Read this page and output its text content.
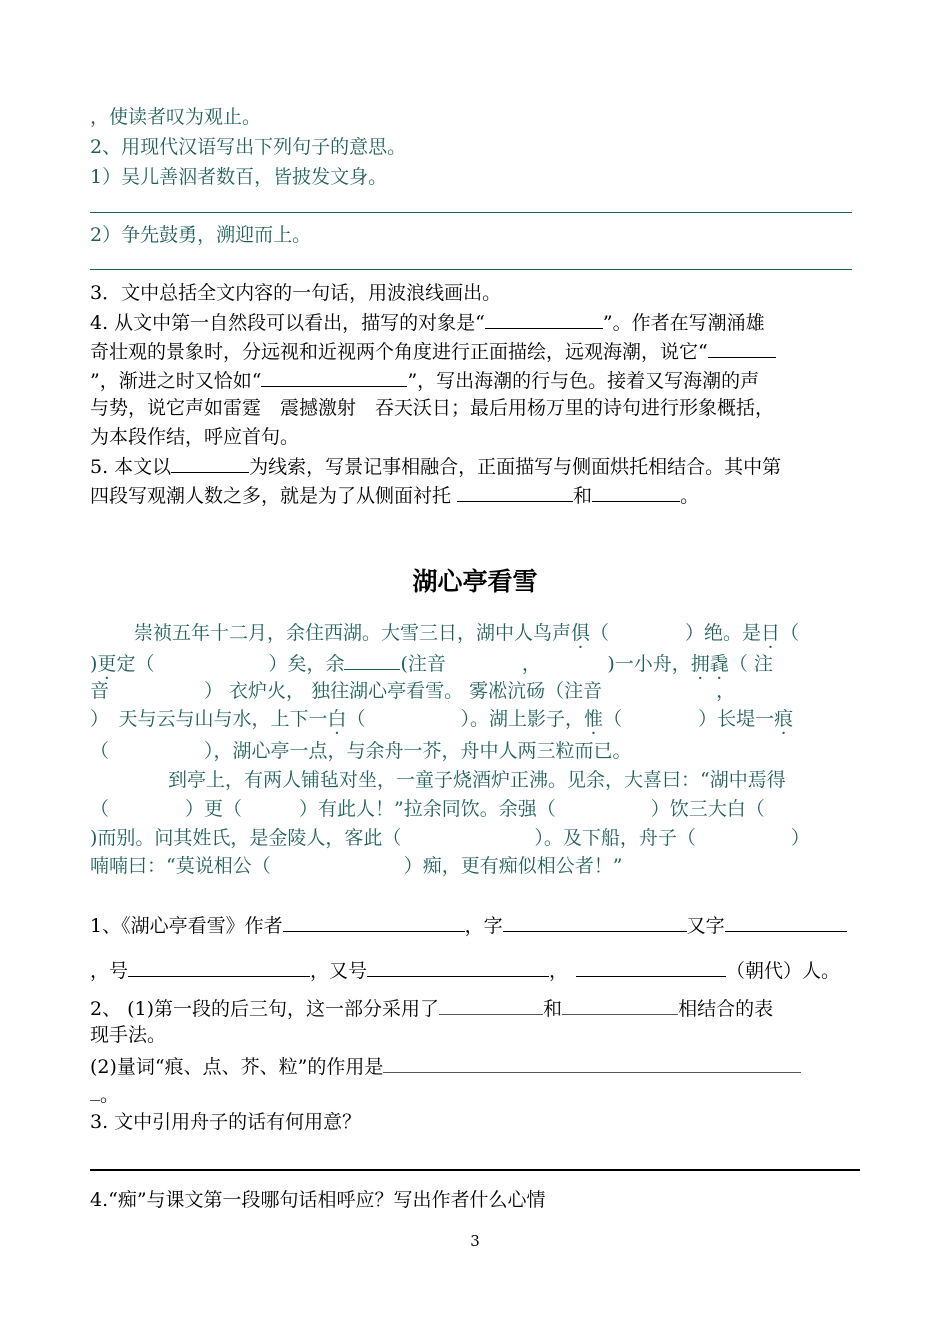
，使读者叹为观止。
2、用现代汉语写出下列句子的意思。
1）吴儿善泅者数百，皆披发文身。
2）争先鼓勇，溯迎而上。
3．文中总括全文内容的一句话，用波浪线画出。
4. 从文中第一自然段可以看出，描写的对象是“	”。作者在写潮涌雄
奇壮观的景象时，分远视和近视两个角度进行正面描绘，远观海潮，说它“
”，渐进之时又恰如“	”，写出海潮的行与色。接着又写海潮的声
与势，说它声如雷霆　震撼激射　吞天沃日；最后用杨万里的诗句进行形象概括，
为本段作结，呼应首句。
5. 本文以	为线索，写景记事相融合，正面描写与侧面烘托相结合。其中第
四段写观潮人数之多，就是为了从侧面衬托	和	。
湖心亭看雪
崇祯五年十二月，余住西湖。大雪三日，湖中人鸟声俱（　　　　）绝。是日（
)更定（　　　　　　）矣，余	(注音　　　　，　　　　)一小舟，拥毳（ 注
音　　　　　） 衣炉火， 独往湖心亭看雪。 雾凇沆砀（注音　　　　　　，
）　天与云与山与水，上下一白（　　　　　）。湖上影子，惟（　　　　）长堤一痕
（　　　　　），湖心亭一点，与余舟一芥，舟中人两三粒而已。
到亭上，有两人铺毡对坐，一童子烧酒炉正沸。见余，大喜曰：“湖中焉得
（　　　　）更（　　　）有此人！”拉余同饮。余强（　　　　　）饮三大白（
)而别。问其姓氏，是金陵人，客此（　　　　　　　）。及下船，舟子（　　　　　）
喃喃曰：“莫说相公（　　　　　　　）痴，更有痴似相公者！”
1、《湖心亭看雪》作者	，字	又字
，号	，又号	，	（朝代）人。
2、 (1)第一段的后三句，这一部分采用了	和	相结合的表
现手法。
(2)量词“痕、点、芥、粒”的作用是
。
3. 文中引用舟子的话有何用意？
4.“痴”与课文第一段哪句话相呼应？写出作者什么心情
3
